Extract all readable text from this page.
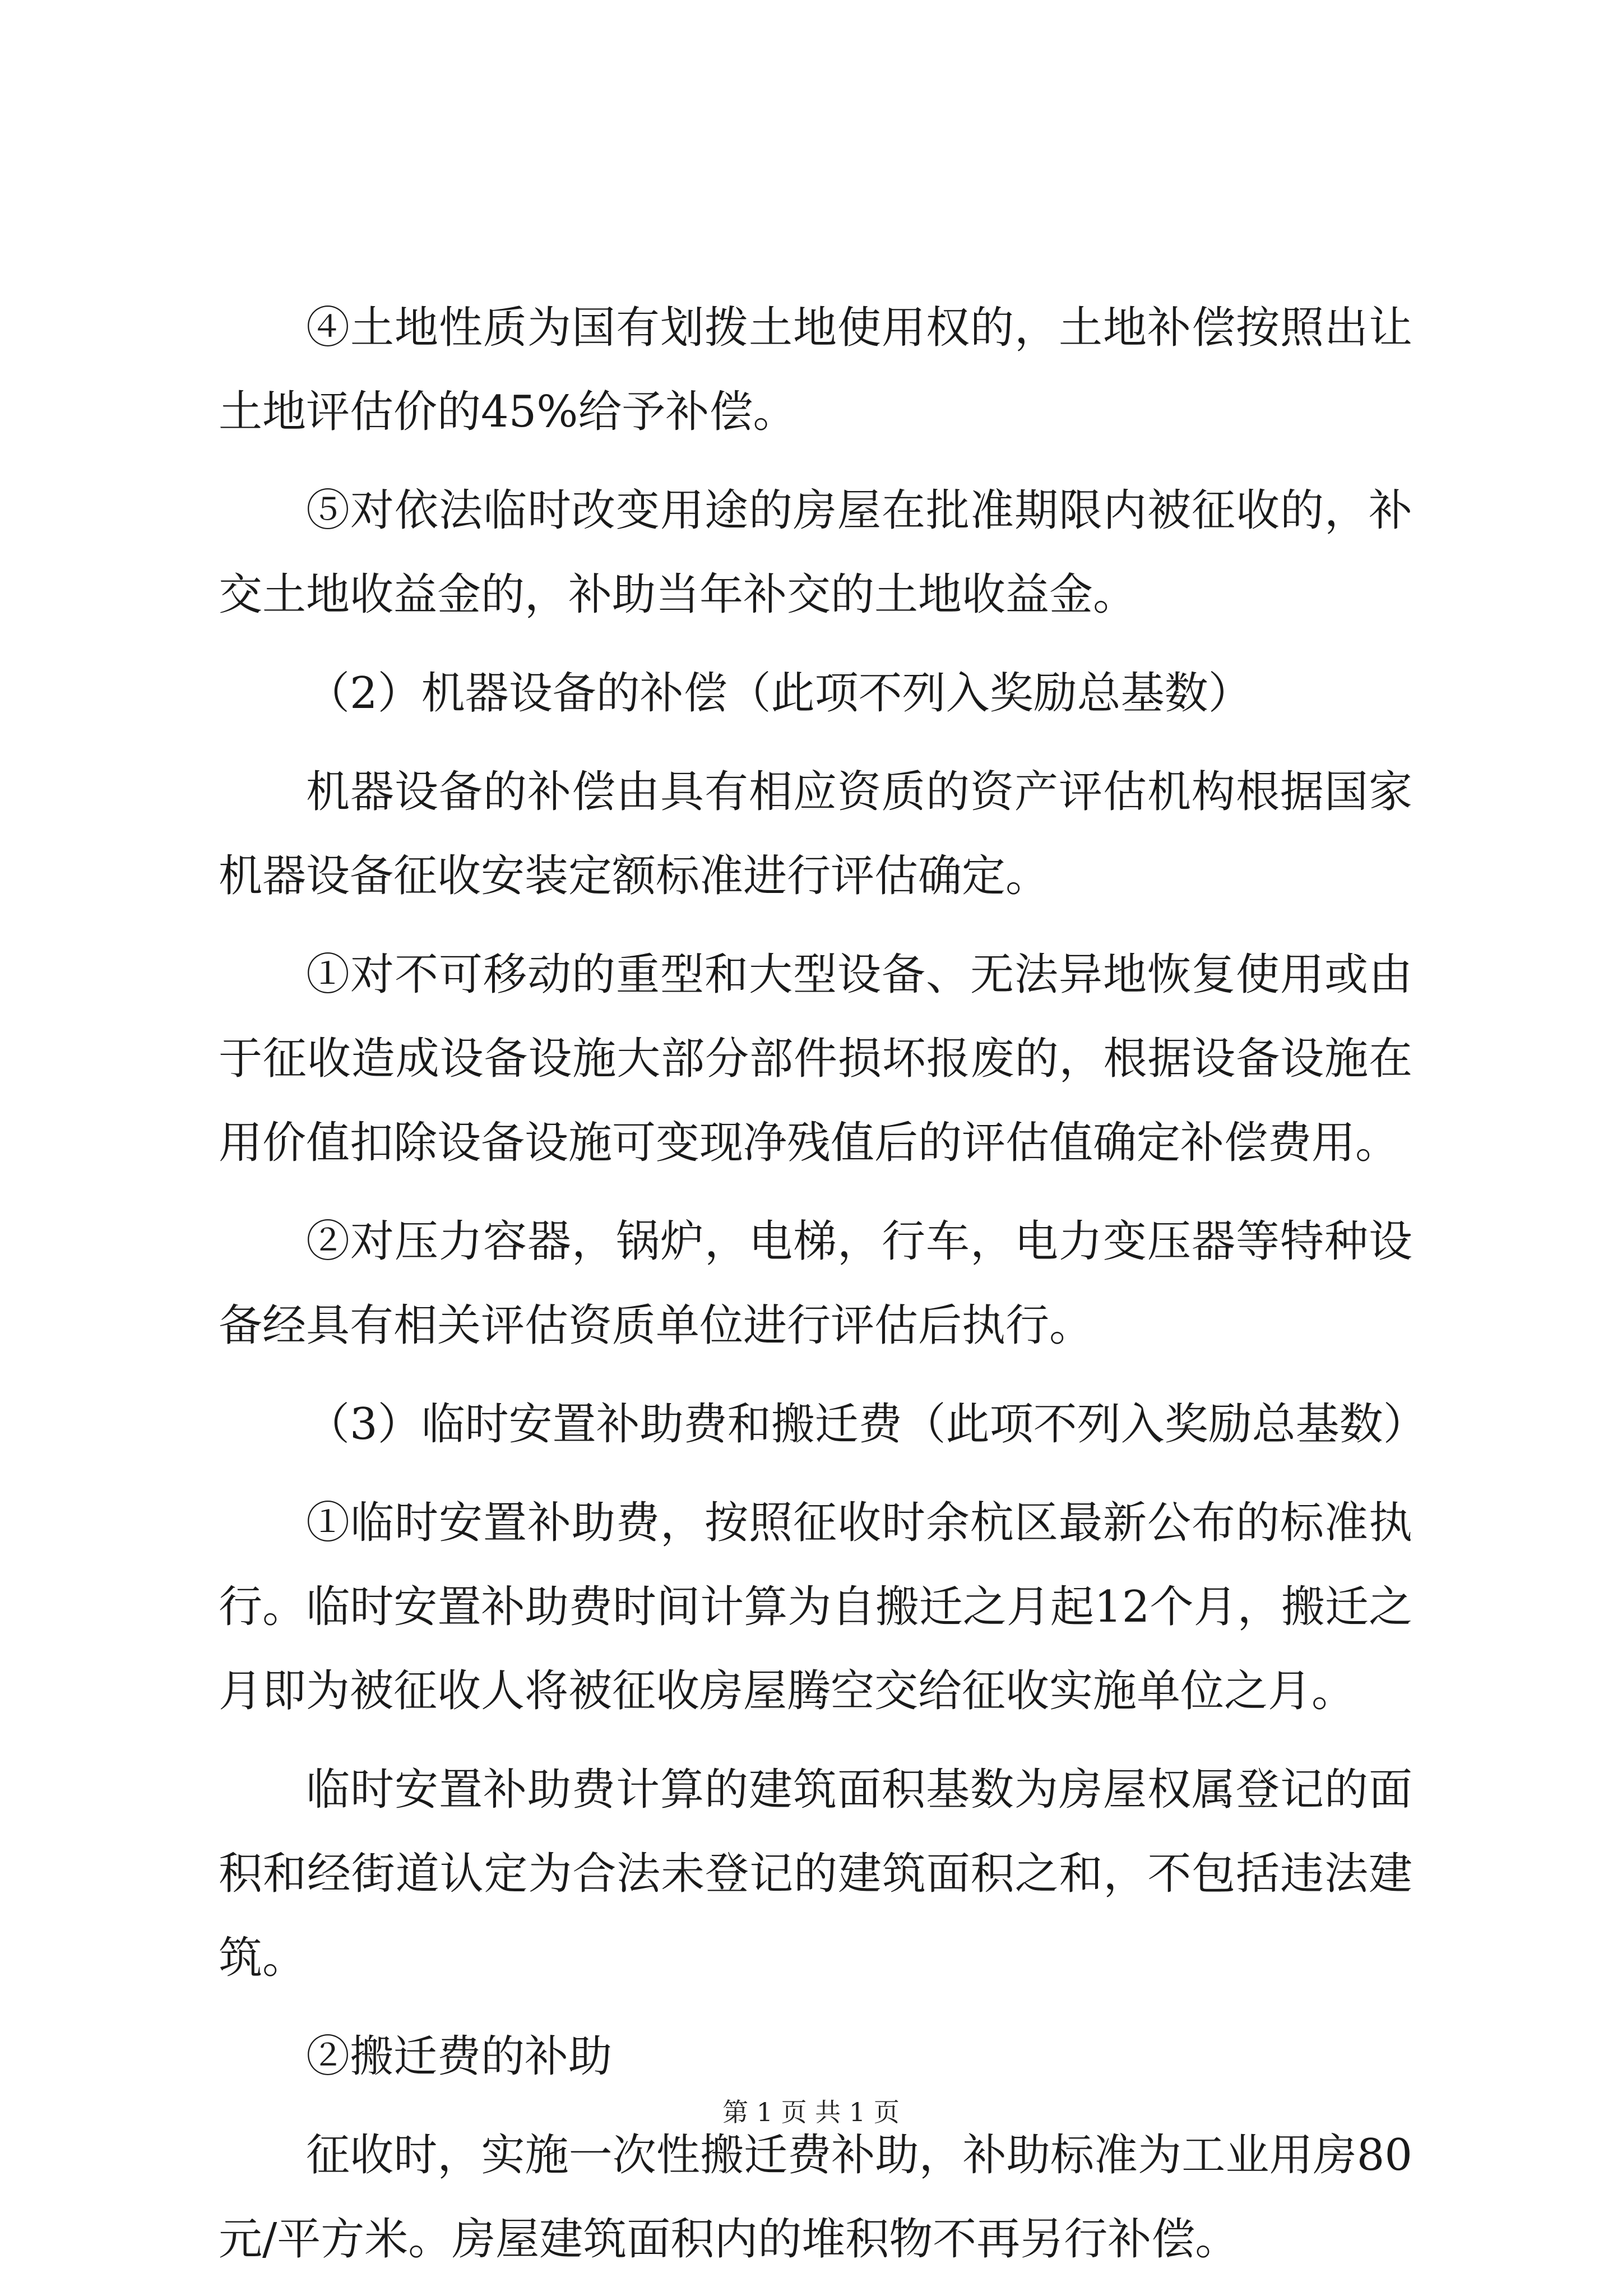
④土地性质为国有划拨土地使用权的，土地补偿按照出让土地评估价的45%给予补偿。

⑤对依法临时改变用途的房屋在批准期限内被征收的，补交土地收益金的，补助当年补交的土地收益金。

（2）机器设备的补偿（此项不列入奖励总基数）

机器设备的补偿由具有相应资质的资产评估机构根据国家机器设备征收安装定额标准进行评估确定。

①对不可移动的重型和大型设备、无法异地恢复使用或由于征收造成设备设施大部分部件损坏报废的，根据设备设施在用价值扣除设备设施可变现净残值后的评估值确定补偿费用。

②对压力容器，锅炉，电梯，行车，电力变压器等特种设备经具有相关评估资质单位进行评估后执行。

（3）临时安置补助费和搬迁费（此项不列入奖励总基数）

①临时安置补助费，按照征收时余杭区最新公布的标准执行。临时安置补助费时间计算为自搬迁之月起12个月，搬迁之月即为被征收人将被征收房屋腾空交给征收实施单位之月。

临时安置补助费计算的建筑面积基数为房屋权属登记的面积和经街道认定为合法未登记的建筑面积之和，不包括违法建筑。

②搬迁费的补助

征收时，实施一次性搬迁费补助，补助标准为工业用房80元/平方米。房屋建筑面积内的堆积物不再另行补偿。

第 1 页 共 1 页
